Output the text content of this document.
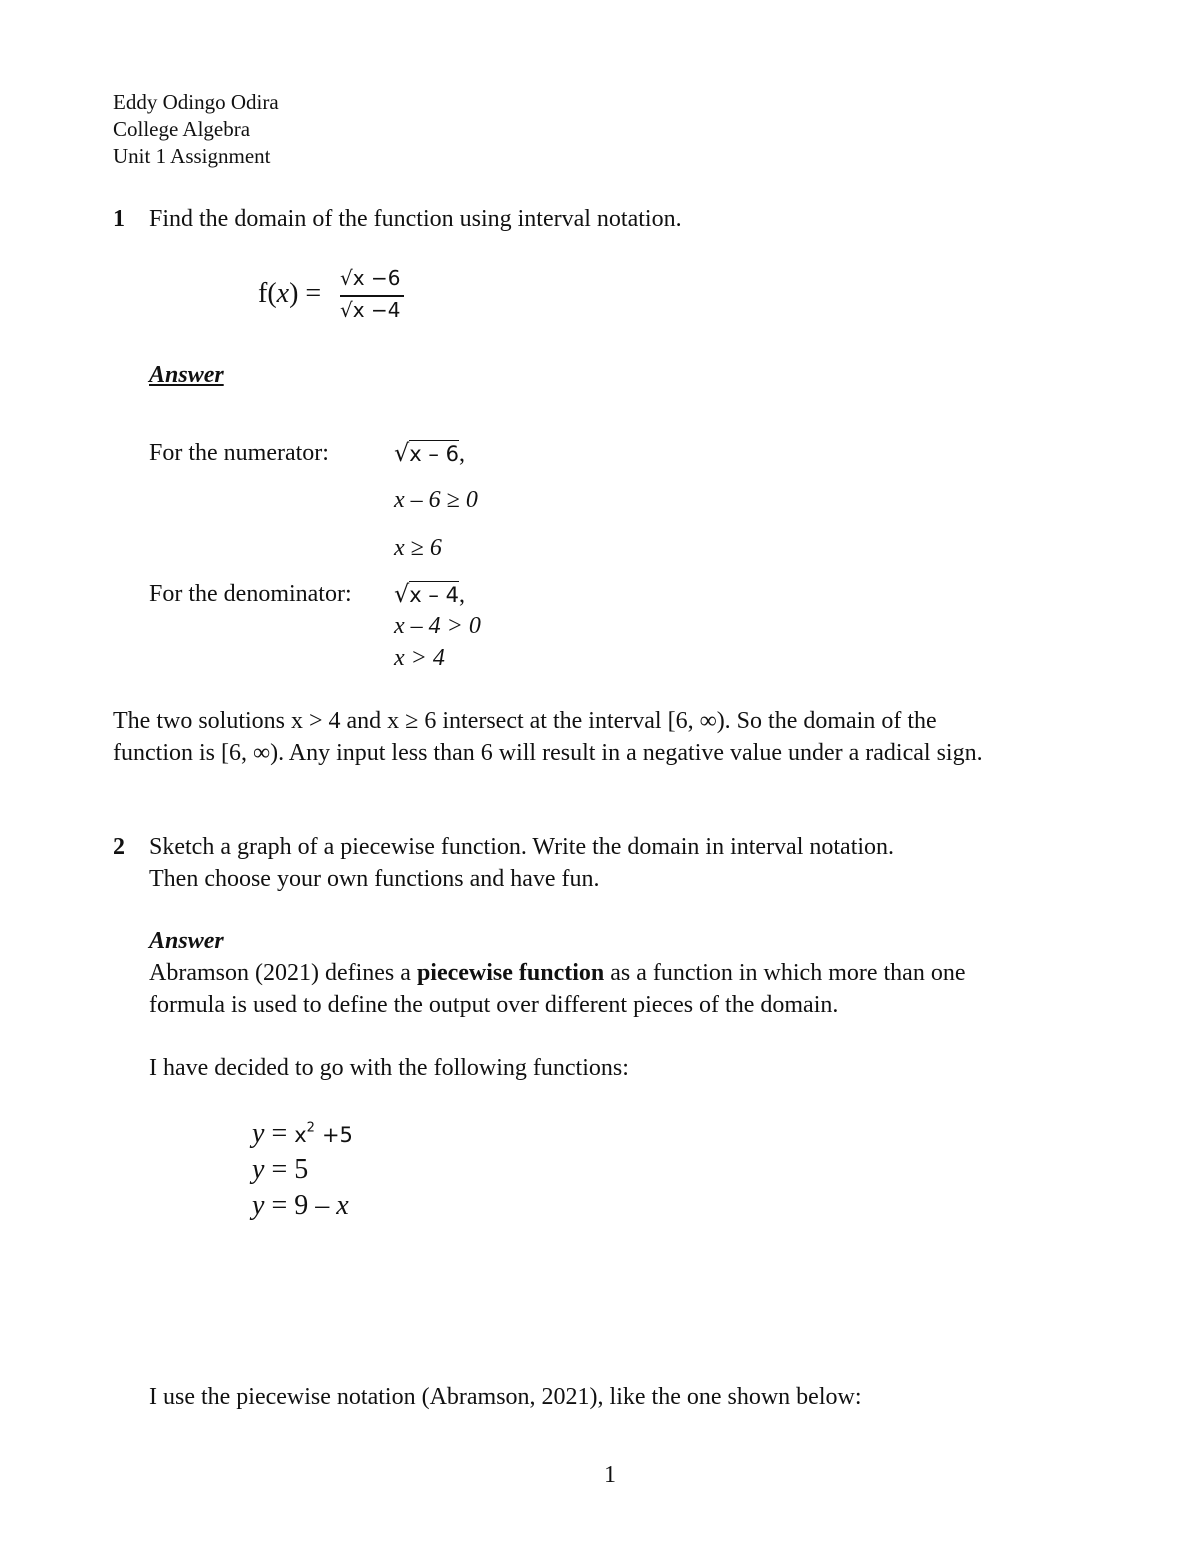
Eddy Odingo Odira
College Algebra
Unit 1 Assignment
1 Find the domain of the function using interval notation.
f(x) = √x −6
√x −4
Answer
For the numerator:	√x – 6,
x – 6 ≥ 0
x ≥ 6
For the denominator: √x – 4,
x – 4 > 0
x > 4
The two solutions x > 4 and x ≥ 6 intersect at the interval [6, ∞). So the domain of the
function is [6, ∞). Any input less than 6 will result in a negative value under a radical sign.
2 Sketch a graph of a piecewise function. Write the domain in interval notation.
Then choose your own functions and have fun.
Answer
Abramson (2021) defines a piecewise function as a function in which more than one
formula is used to define the output over different pieces of the domain.
I have decided to go with the following functions:
$y = x^2 +5$
y = 5
y = 9 – x
I use the piecewise notation (Abramson, 2021), like the one shown below:
1
